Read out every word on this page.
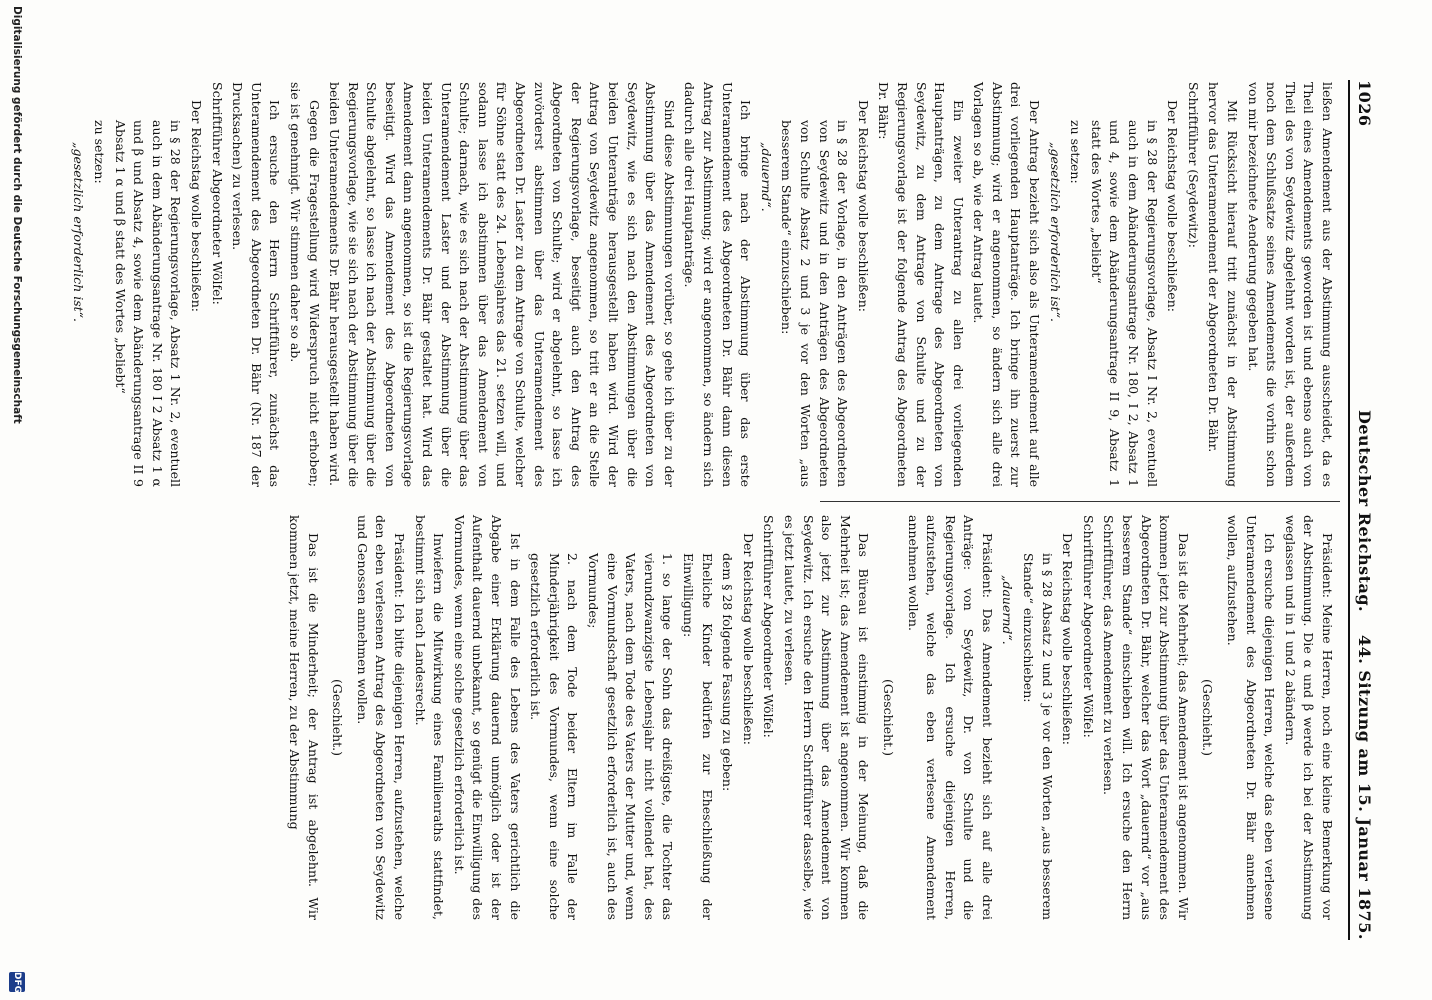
1026
Deutscher Reichstag.
44. Sitzung am 15. Januar 1875.

ließen Amendement aus der Abstimmung ausscheidet, da es Theil eines Amendements geworden ist und ebenso auch von Theil des von Seydewitz abgelehnt worden ist, der außerdem noch dem Schlußsatze seines Amendements die vorhin schon von mir bezeichnete Aenderung gegeben hat.

Mit Rücksicht hierauf tritt zunächst in der Abstimmung hervor das Unteramendement der Abgeordneten Dr. Bähr.

Schriftführer (Seydewitz):

Der Reichstag wolle beschließen:

in § 28 der Regierungsvorlage, Absatz I Nr. 2, eventuell auch in dem Abänderungsantrage Nr. 180, I 2, Absatz 1 und 4, sowie dem Abänderungsantrage II 9, Absatz 1 statt des Wortes „beliebt“

zu setzen:

„gesetzlich erforderlich ist“.

Der Antrag bezieht sich also als Unteramendement auf alle drei vorliegenden Hauptanträge. Ich bringe ihn zuerst zur Abstimmung; wird er angenommen, so ändern sich alle drei Vorlagen so ab, wie der Antrag lautet.

Ein zweiter Unterantrag zu allen drei vorliegenden Hauptanträgen, zu dem Antrage des Abgeordneten von Seydewitz, zu dem Antrage von Schulte und zu der Regierungsvorlage ist der folgende Antrag des Abgeordneten Dr. Bähr:

Der Reichstag wolle beschließen:

in § 28 der Vorlage, in den Anträgen des Abgeordneten von Seydewitz und in den Anträgen des Abgeordneten von Schulte Absatz 2 und 3 je vor den Worten „aus besserem Stande“ einzuschieben:

„dauernd“.

Ich bringe nach der Abstimmung über das erste Unteramendement des Abgeordneten Dr. Bähr dann diesen Antrag zur Abstimmung; wird er angenommen, so ändern sich dadurch alle drei Hauptanträge.

Sind diese Abstimmungen vorüber, so gehe ich über zu der Abstimmung über das Amendement des Abgeordneten von Seydewitz, wie es sich nach den Abstimmungen über die beiden Unteranträge herausgestellt haben wird. Wird der Antrag von Seydewitz angenommen, so tritt er an die Stelle der Regierungsvorlage, beseitigt auch den Antrag des Abgeordneten von Schulte; wird er abgelehnt, so lasse ich zuvörderst abstimmen über das Unteramendement des Abgeordneten Dr. Laster zu dem Antrage von Schulte, welcher für Söhne statt des 24. Lebensjahres das 21. setzen will, und sodann lasse ich abstimmen über das Amendement von Schulte; darnach, wie es sich nach der Abstimmung über das Unteramendement Laster und der Abstimmung über die beiden Unteramendements Dr. Bähr gestaltet hat. Wird das Amendement dann angenommen, so ist die Regierungsvorlage beseitigt. Wird das Amendement des Abgeordneten von Schulte abgelehnt, so lasse ich nach der Abstimmung über die Regierungsvorlage, wie sie sich nach der Abstimmung über die beiden Unteramendements Dr. Bähr herausgestellt haben wird.

Gegen die Fragestellung wird Widerspruch nicht erhoben; sie ist genehmigt. Wir stimmen daher so ab.

Ich ersuche den Herrn Schriftführer, zunächst das Unteramendement des Abgeordneten Dr. Bähr (Nr. 187 der Drucksachen) zu verlesen.

Schriftführer Abgeordneter Wölfel:

Der Reichstag wolle beschließen:

in § 28 der Regierungsvorlage, Absatz 1 Nr. 2, eventuell auch in dem Abänderungsantrage Nr. 180 I 2 Absatz 1 α und β und Absatz 4, sowie dem Abänderungsantrage II 9 Absatz 1 α und β statt des Wortes „beliebt“

zu setzen:

„gesetzlich erforderlich ist“.

Präsident: Meine Herren, noch eine kleine Bemerkung vor der Abstimmung. Die α und β werde ich bei der Abstimmung weglassen und in 1 und 2 abändern.

Ich ersuche diejenigen Herren, welche das eben verlesene Unteramendement des Abgeordneten Dr. Bähr annehmen wollen, aufzustehen.

(Geschieht.)

Das ist die Mehrheit; das Amendement ist angenommen. Wir kommen jetzt zur Abstimmung über das Unteramendement des Abgeordneten Dr. Bähr, welcher das Wort „dauernd“ vor „aus besserem Stande“ einschieben will. Ich ersuche den Herrn Schriftführer, das Amendement zu verlesen.

Schriftführer Abgeordneter Wölfel:

Der Reichstag wolle beschließen:

in § 28 Absatz 2 und 3 je vor den Worten „aus besserem Stande“ einzuschieben:

„dauernd“.

Präsident: Das Amendement bezieht sich auf alle drei Anträge: von Seydewitz, Dr. von Schulte und die Regierungsvorlage. Ich ersuche diejenigen Herren, aufzustehen, welche das eben verlesene Amendement annehmen wollen.

(Geschieht.)

Das Büreau ist einstimmig in der Meinung, daß die Mehrheit ist; das Amendement ist angenommen. Wir kommen also jetzt zur Abstimmung über das Amendement von Seydewitz. Ich ersuche den Herrn Schriftführer dasselbe, wie es jetzt lautet, zu verlesen.

Schriftführer Abgeordneter Wölfel:

Der Reichstag wolle beschließen:

dem § 28 folgende Fassung zu geben:

Eheliche Kinder bedürfen zur Eheschließung der Einwilligung:

1. so lange der Sohn das dreißigste, die Tochter das vierundzwanzigste Lebensjahr nicht vollendet hat, des Vaters, nach dem Tode des Vaters der Mutter und, wenn eine Vormundschaft gesetzlich erforderlich ist, auch des Vormundes;

2. nach dem Tode beider Eltern im Falle der Minderjährigkeit des Vormundes, wenn eine solche gesetzlich erforderlich ist.

Ist in dem Falle des Lebens des Vaters gerichtlich die Abgabe einer Erklärung dauernd unmöglich oder ist der Aufenthalt dauernd unbekannt, so genügt die Einwilligung des Vormundes, wenn eine solche gesetzlich erforderlich ist.

Inwiefern die Mitwirkung eines Familienraths stattfindet, bestimmt sich nach Landesrecht.

Präsident: Ich bitte diejenigen Herren, aufzustehen, welche den eben verlesenen Antrag des Abgeordneten von Seydewitz und Genossen annehmen wollen.

(Geschieht.)

Das ist die Minderheit; der Antrag ist abgelehnt. Wir kommen jetzt, meine Herren, zu der Abstimmung

Digitalisierung gefördert durch die Deutsche Forschungsgemeinschaft
DFG
